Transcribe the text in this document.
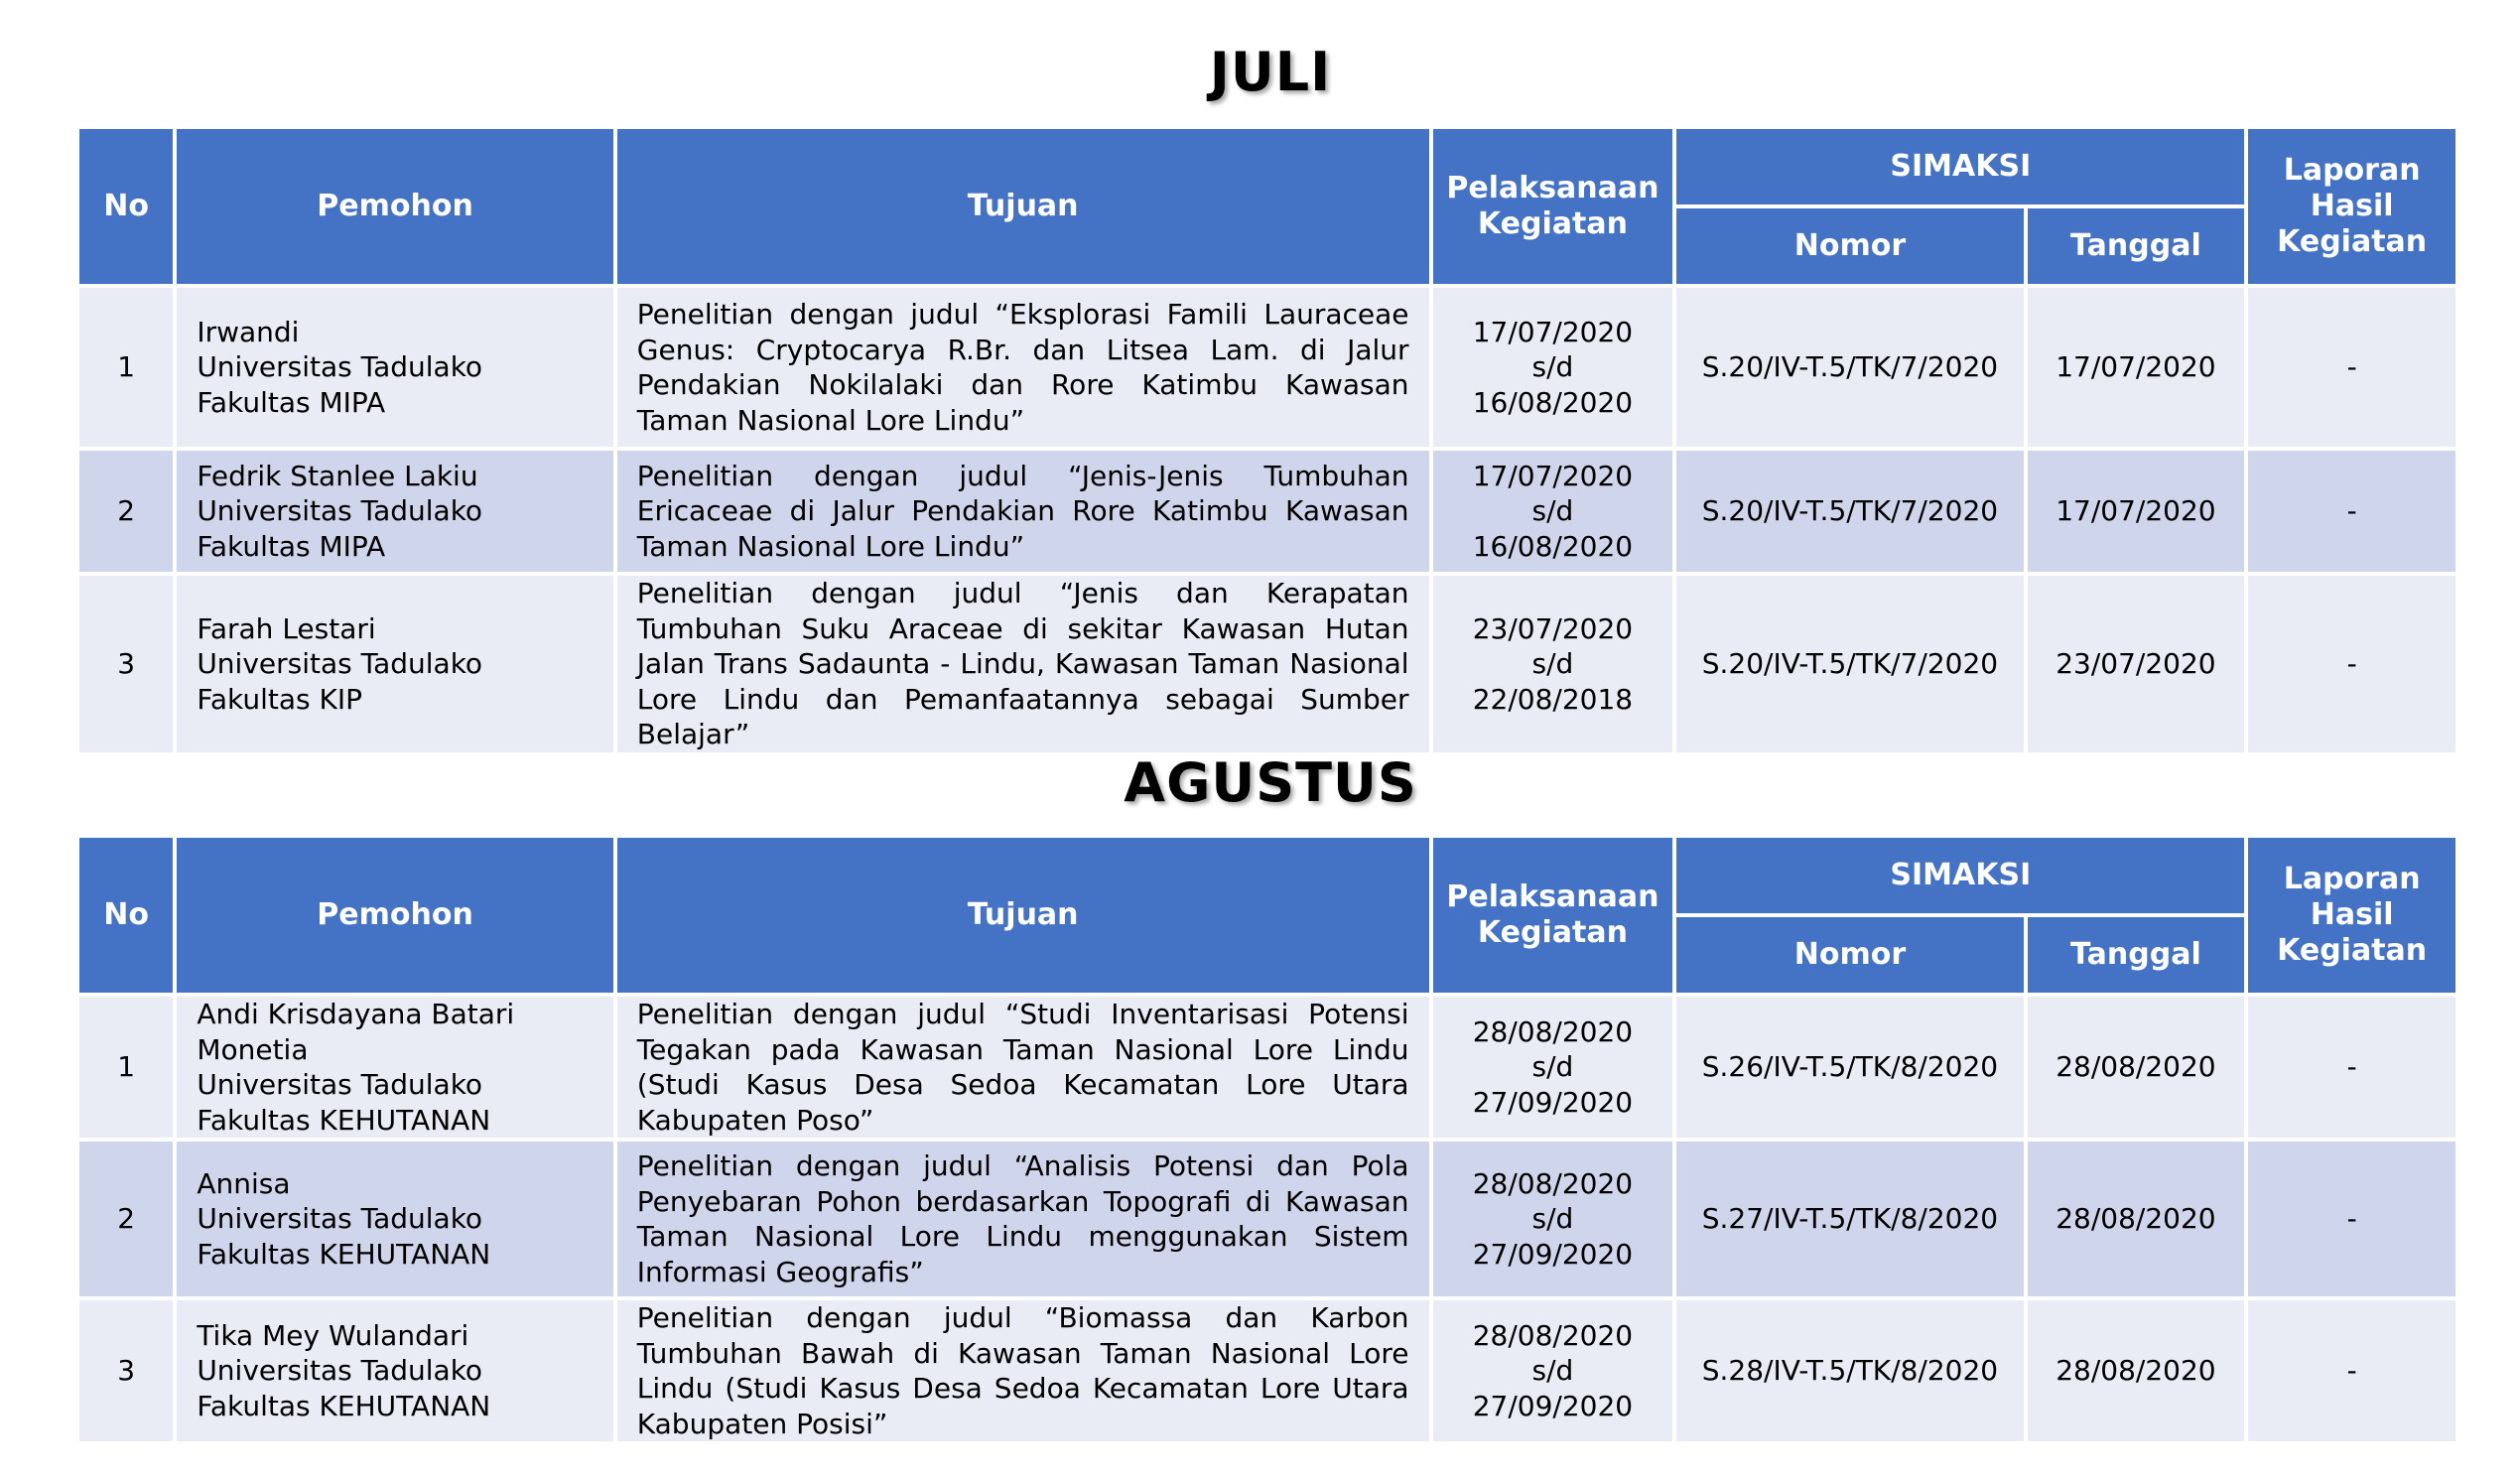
JULI
No	Pemohon	Tujuan	Pelaksanaan Kegiatan	SIMAKSI		Laporan Hasil Kegiatan
				Nomor	Tanggal	
1	Irwandi
Universitas Tadulako
Fakultas MIPA	Penelitian dengan judul “Eksplorasi Famili Lauraceae Genus: Cryptocarya R.Br. dan Litsea Lam. di Jalur Pendakian Nokilalaki dan Rore Katimbu Kawasan Taman Nasional Lore Lindu”	17/07/2020
s/d
16/08/2020	S.20/IV-T.5/TK/7/2020	17/07/2020	-
2	Fedrik Stanlee Lakiu
Universitas Tadulako
Fakultas MIPA	Penelitian dengan judul “Jenis-Jenis Tumbuhan Ericaceae di Jalur Pendakian Rore Katimbu Kawasan Taman Nasional Lore Lindu”	17/07/2020
s/d
16/08/2020	S.20/IV-T.5/TK/7/2020	17/07/2020	-
3	Farah Lestari
Universitas Tadulako
Fakultas KIP	Penelitian dengan judul “Jenis dan Kerapatan Tumbuhan Suku Araceae di sekitar Kawasan Hutan Jalan Trans Sadaunta - Lindu, Kawasan Taman Nasional Lore Lindu dan Pemanfaatannya sebagai Sumber Belajar”	23/07/2020
s/d
22/08/2018	S.20/IV-T.5/TK/7/2020	23/07/2020	-
AGUSTUS
No	Pemohon	Tujuan	Pelaksanaan Kegiatan	SIMAKSI		Laporan Hasil Kegiatan
				Nomor	Tanggal	
1	Andi Krisdayana Batari Monetia
Universitas Tadulako
Fakultas KEHUTANAN	Penelitian dengan judul “Studi Inventarisasi Potensi Tegakan pada Kawasan Taman Nasional Lore Lindu (Studi Kasus Desa Sedoa Kecamatan Lore Utara Kabupaten Poso”	28/08/2020
s/d
27/09/2020	S.26/IV-T.5/TK/8/2020	28/08/2020	-
2	Annisa
Universitas Tadulako
Fakultas KEHUTANAN	Penelitian dengan judul “Analisis Potensi dan Pola Penyebaran Pohon berdasarkan Topografi di Kawasan Taman Nasional Lore Lindu menggunakan Sistem Informasi Geografis”	28/08/2020
s/d
27/09/2020	S.27/IV-T.5/TK/8/2020	28/08/2020	-
3	Tika Mey Wulandari
Universitas Tadulako
Fakultas KEHUTANAN	Penelitian dengan judul “Biomassa dan Karbon Tumbuhan Bawah di Kawasan Taman Nasional Lore Lindu (Studi Kasus Desa Sedoa Kecamatan Lore Utara Kabupaten Posisi”	28/08/2020
s/d
27/09/2020	S.28/IV-T.5/TK/8/2020	28/08/2020	-
